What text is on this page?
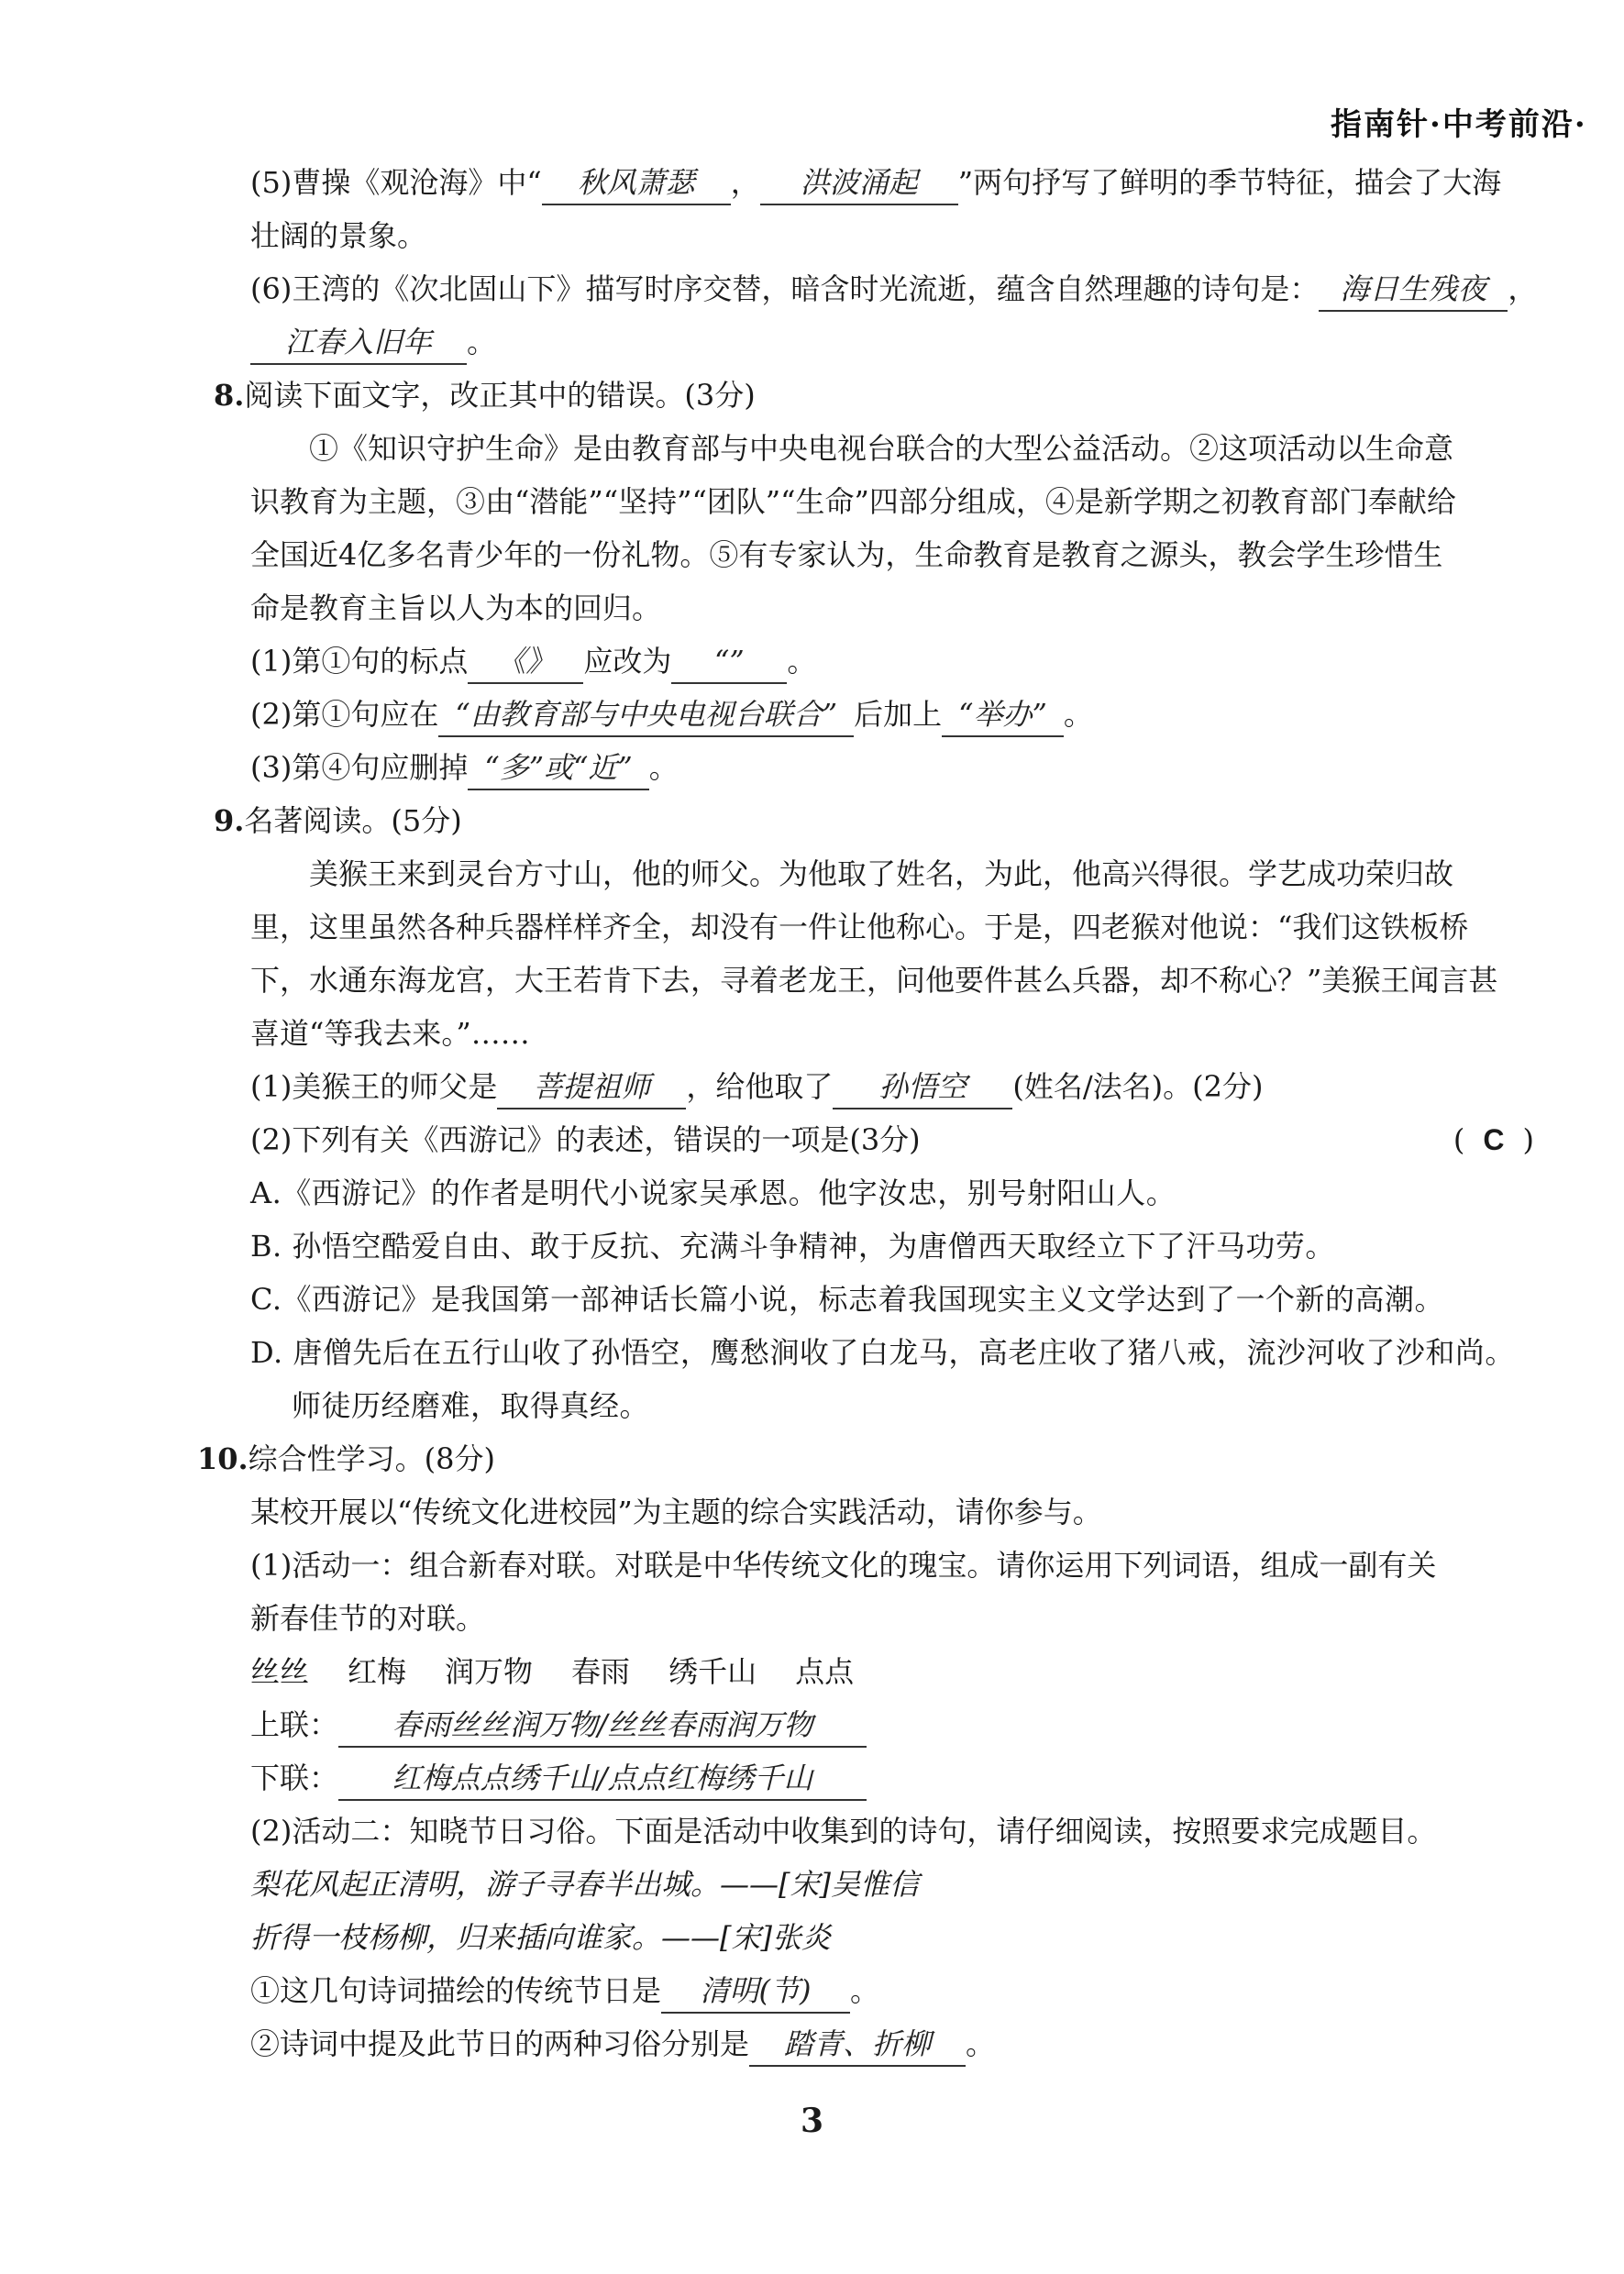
指南针·中考前沿·
(5)曹操《观沧海》中“ 秋风萧瑟 ， 洪波涌起 ”两句抒写了鲜明的季节特征，描会了大海
壮阔的景象。
(6)王湾的《次北固山下》描写时序交替，暗含时光流逝，蕴含自然理趣的诗句是： 海日生残夜 ，
江春入旧年 。
8.阅读下面文字，改正其中的错误。(3分)
①《知识守护生命》是由教育部与中央电视台联合的大型公益活动。②这项活动以生命意
识教育为主题，③由“潜能”“坚持”“团队”“生命”四部分组成，④是新学期之初教育部门奉献给
全国近4亿多名青少年的一份礼物。⑤有专家认为，生命教育是教育之源头，教会学生珍惜生
命是教育主旨以人为本的回归。
(1)第①句的标点 《》 应改为 “” 。
(2)第①句应在 “由教育部与中央电视台联合” 后加上 “举办” 。
(3)第④句应删掉 “多”或“近” 。
9.名著阅读。(5分)
美猴王来到灵台方寸山，他的师父。为他取了姓名，为此，他高兴得很。学艺成功荣归故
里，这里虽然各种兵器样样齐全，却没有一件让他称心。于是，四老猴对他说：“我们这铁板桥
下，水通东海龙宫，大王若肯下去，寻着老龙王，问他要件甚么兵器，却不称心？”美猴王闻言甚
喜道“等我去来。”……
(1)美猴王的师父是 菩提祖师 ，给他取了 孙悟空 (姓名/法名)。(2分)
(2)下列有关《西游记》的表述，错误的一项是(3分)	( C )
A.《西游记》的作者是明代小说家吴承恩。他字汝忠，别号射阳山人。
B. 孙悟空酷爱自由、敢于反抗、充满斗争精神，为唐僧西天取经立下了汗马功劳。
C.《西游记》是我国第一部神话长篇小说，标志着我国现实主义文学达到了一个新的高潮。
D. 唐僧先后在五行山收了孙悟空，鹰愁涧收了白龙马，高老庄收了猪八戒，流沙河收了沙和尚。
师徒历经磨难，取得真经。
10.综合性学习。(8分)
某校开展以“传统文化进校园”为主题的综合实践活动，请你参与。
(1)活动一：组合新春对联。对联是中华传统文化的瑰宝。请你运用下列词语，组成一副有关
新春佳节的对联。
丝丝 红梅 润万物 春雨 绣千山 点点
上联： 春雨丝丝润万物/丝丝春雨润万物
下联： 红梅点点绣千山/点点红梅绣千山
(2)活动二：知晓节日习俗。下面是活动中收集到的诗句，请仔细阅读，按照要求完成题目。
梨花风起正清明，游子寻春半出城。——[宋]吴惟信
折得一枝杨柳，归来插向谁家。——[宋]张炎
①这几句诗词描绘的传统节日是 清明(节) 。
②诗词中提及此节日的两种习俗分别是 踏青、折柳 。
3
